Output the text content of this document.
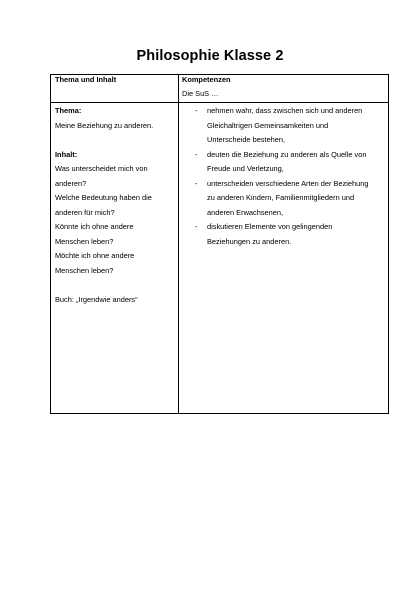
Philosophie Klasse 2
Thema und Inhalt	Kompetenzen
Die SuS …
Thema:
Meine Beziehung zu anderen.
Inhalt:
Was unterscheidet mich von
anderen?
Welche Bedeutung haben die
anderen für mich?
Könnte ich ohne andere
Menschen leben?
Möchte ich ohne andere
Menschen leben?
Buch: „Irgendwie anders“
- nehmen wahr, dass zwischen sich und anderen
Gleichaltrigen Gemeinsamkeiten und
Unterscheide bestehen,
- deuten die Beziehung zu anderen als Quelle von
Freude und Verletzung,
- unterscheiden verschiedene Arten der Beziehung
zu anderen Kindern, Familienmitgliedern und
anderen Erwachsenen,
- diskutieren Elemente von gelingenden
Beziehungen zu anderen.
